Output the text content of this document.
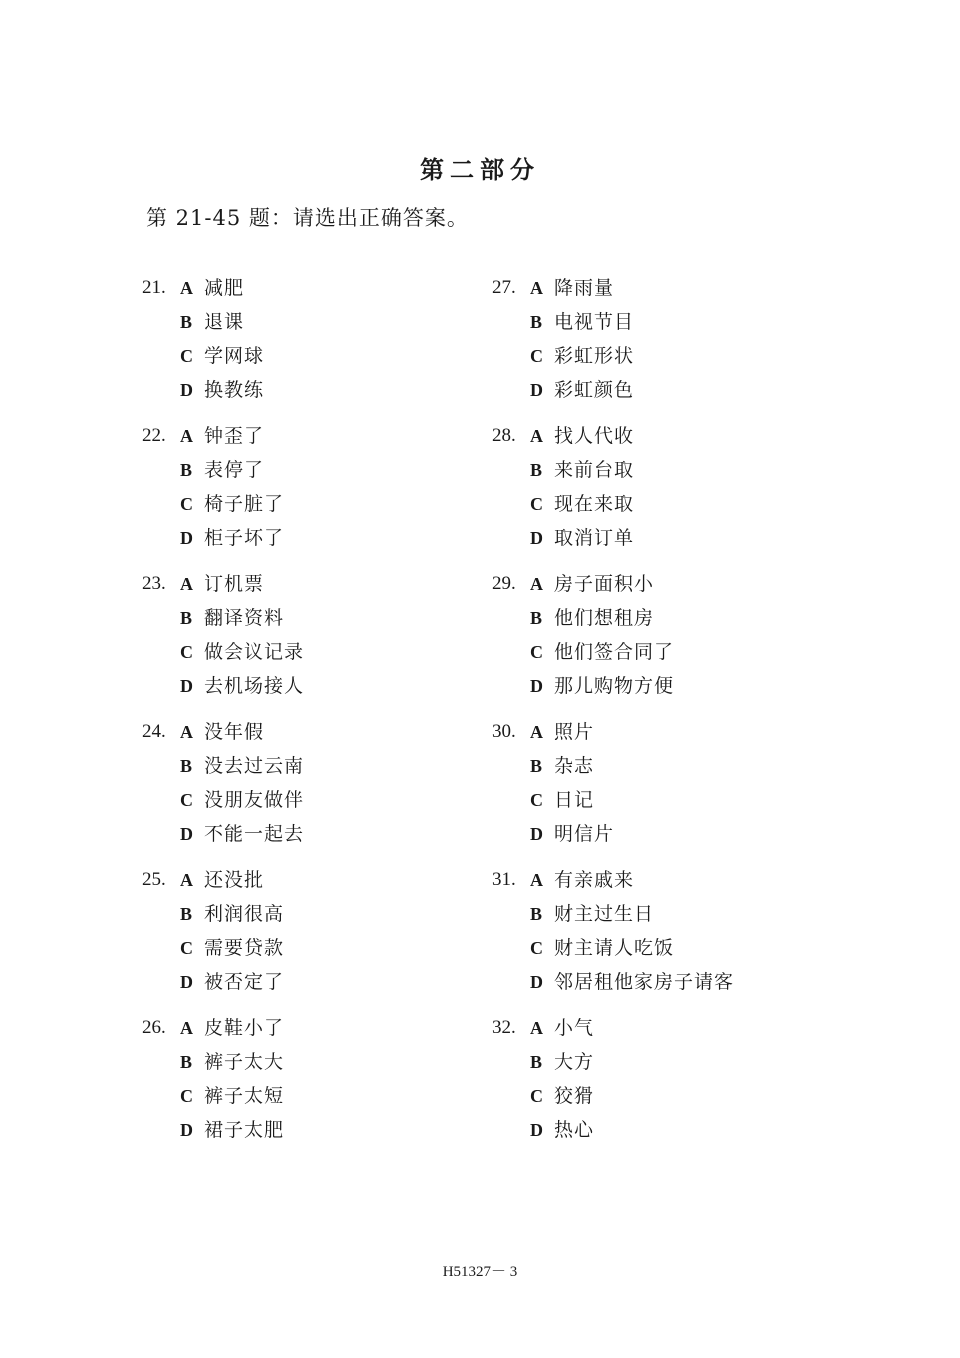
第二部分
第 21-45 题：请选出正确答案。
21. A 减肥
B 退课
C 学网球
D 换教练
22. A 钟歪了
B 表停了
C 椅子脏了
D 柜子坏了
23. A 订机票
B 翻译资料
C 做会议记录
D 去机场接人
24. A 没年假
B 没去过云南
C 没朋友做伴
D 不能一起去
25. A 还没批
B 利润很高
C 需要贷款
D 被否定了
26. A 皮鞋小了
B 裤子太大
C 裤子太短
D 裙子太肥
27. A 降雨量
B 电视节目
C 彩虹形状
D 彩虹颜色
28. A 找人代收
B 来前台取
C 现在来取
D 取消订单
29. A 房子面积小
B 他们想租房
C 他们签合同了
D 那儿购物方便
30. A 照片
B 杂志
C 日记
D 明信片
31. A 有亲戚来
B 财主过生日
C 财主请人吃饭
D 邻居租他家房子请客
32. A 小气
B 大方
C 狡猾
D 热心
H51327－ 3
